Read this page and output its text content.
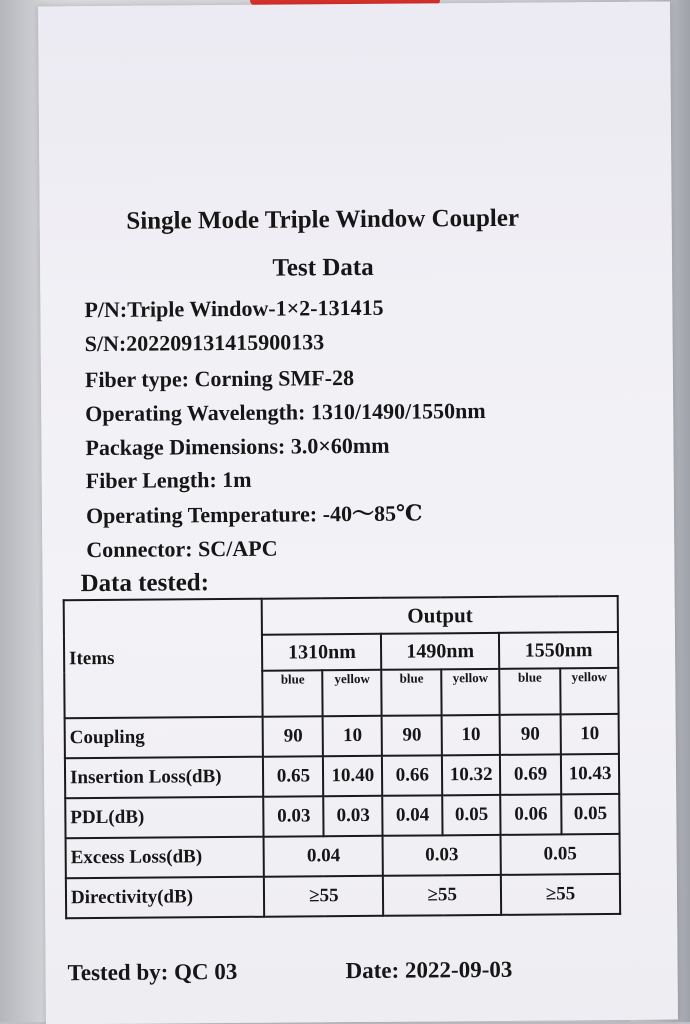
Single Mode Triple Window Coupler
Test Data
P/N:Triple Window-1×2-131415
S/N:202209131415900133
Fiber type: Corning SMF-28
Operating Wavelength: 1310/1490/1550nm
Package Dimensions: 3.0×60mm
Fiber Length: 1m
Operating Temperature: -40～85℃
Connector: SC/APC
Data tested:
Items	Output					
	1310nm		1490nm		1550nm	
	blue	yellow	blue	yellow	blue	yellow
Coupling	90	10	90	10	90	10
Insertion Loss(dB)	0.65	10.40	0.66	10.32	0.69	10.43
PDL(dB)	0.03	0.03	0.04	0.05	0.06	0.05
Excess Loss(dB)	0.04		0.03		0.05	
Directivity(dB)	≥55		≥55		≥55	
Tested by: QC 03	Date: 2022-09-03
